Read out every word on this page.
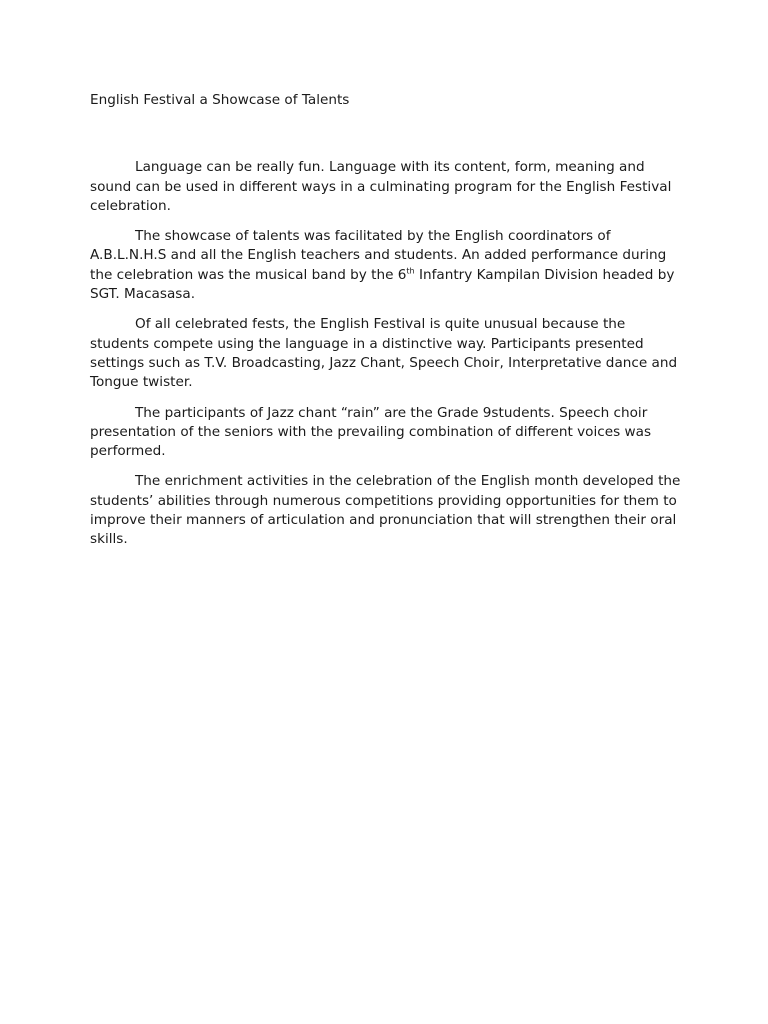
English Festival a Showcase of Talents

Language can be really fun. Language with its content, form, meaning and sound can be used in different ways in a culminating program for the English Festival celebration.

The showcase of talents was facilitated by the English coordinators of A.B.L.N.H.S and all the English teachers and students. An added performance during the celebration was the musical band by the 6th Infantry Kampilan Division headed by SGT. Macasasa.

Of all celebrated fests, the English Festival is quite unusual because the students compete using the language in a distinctive way. Participants presented settings such as T.V. Broadcasting, Jazz Chant, Speech Choir, Interpretative dance and Tongue twister.

The participants of Jazz chant “rain” are the Grade 9students. Speech choir presentation of the seniors with the prevailing combination of different voices was performed.

The enrichment activities in the celebration of the English month developed the students’ abilities through numerous competitions providing opportunities for them to improve their manners of articulation and pronunciation that will strengthen their oral skills.
